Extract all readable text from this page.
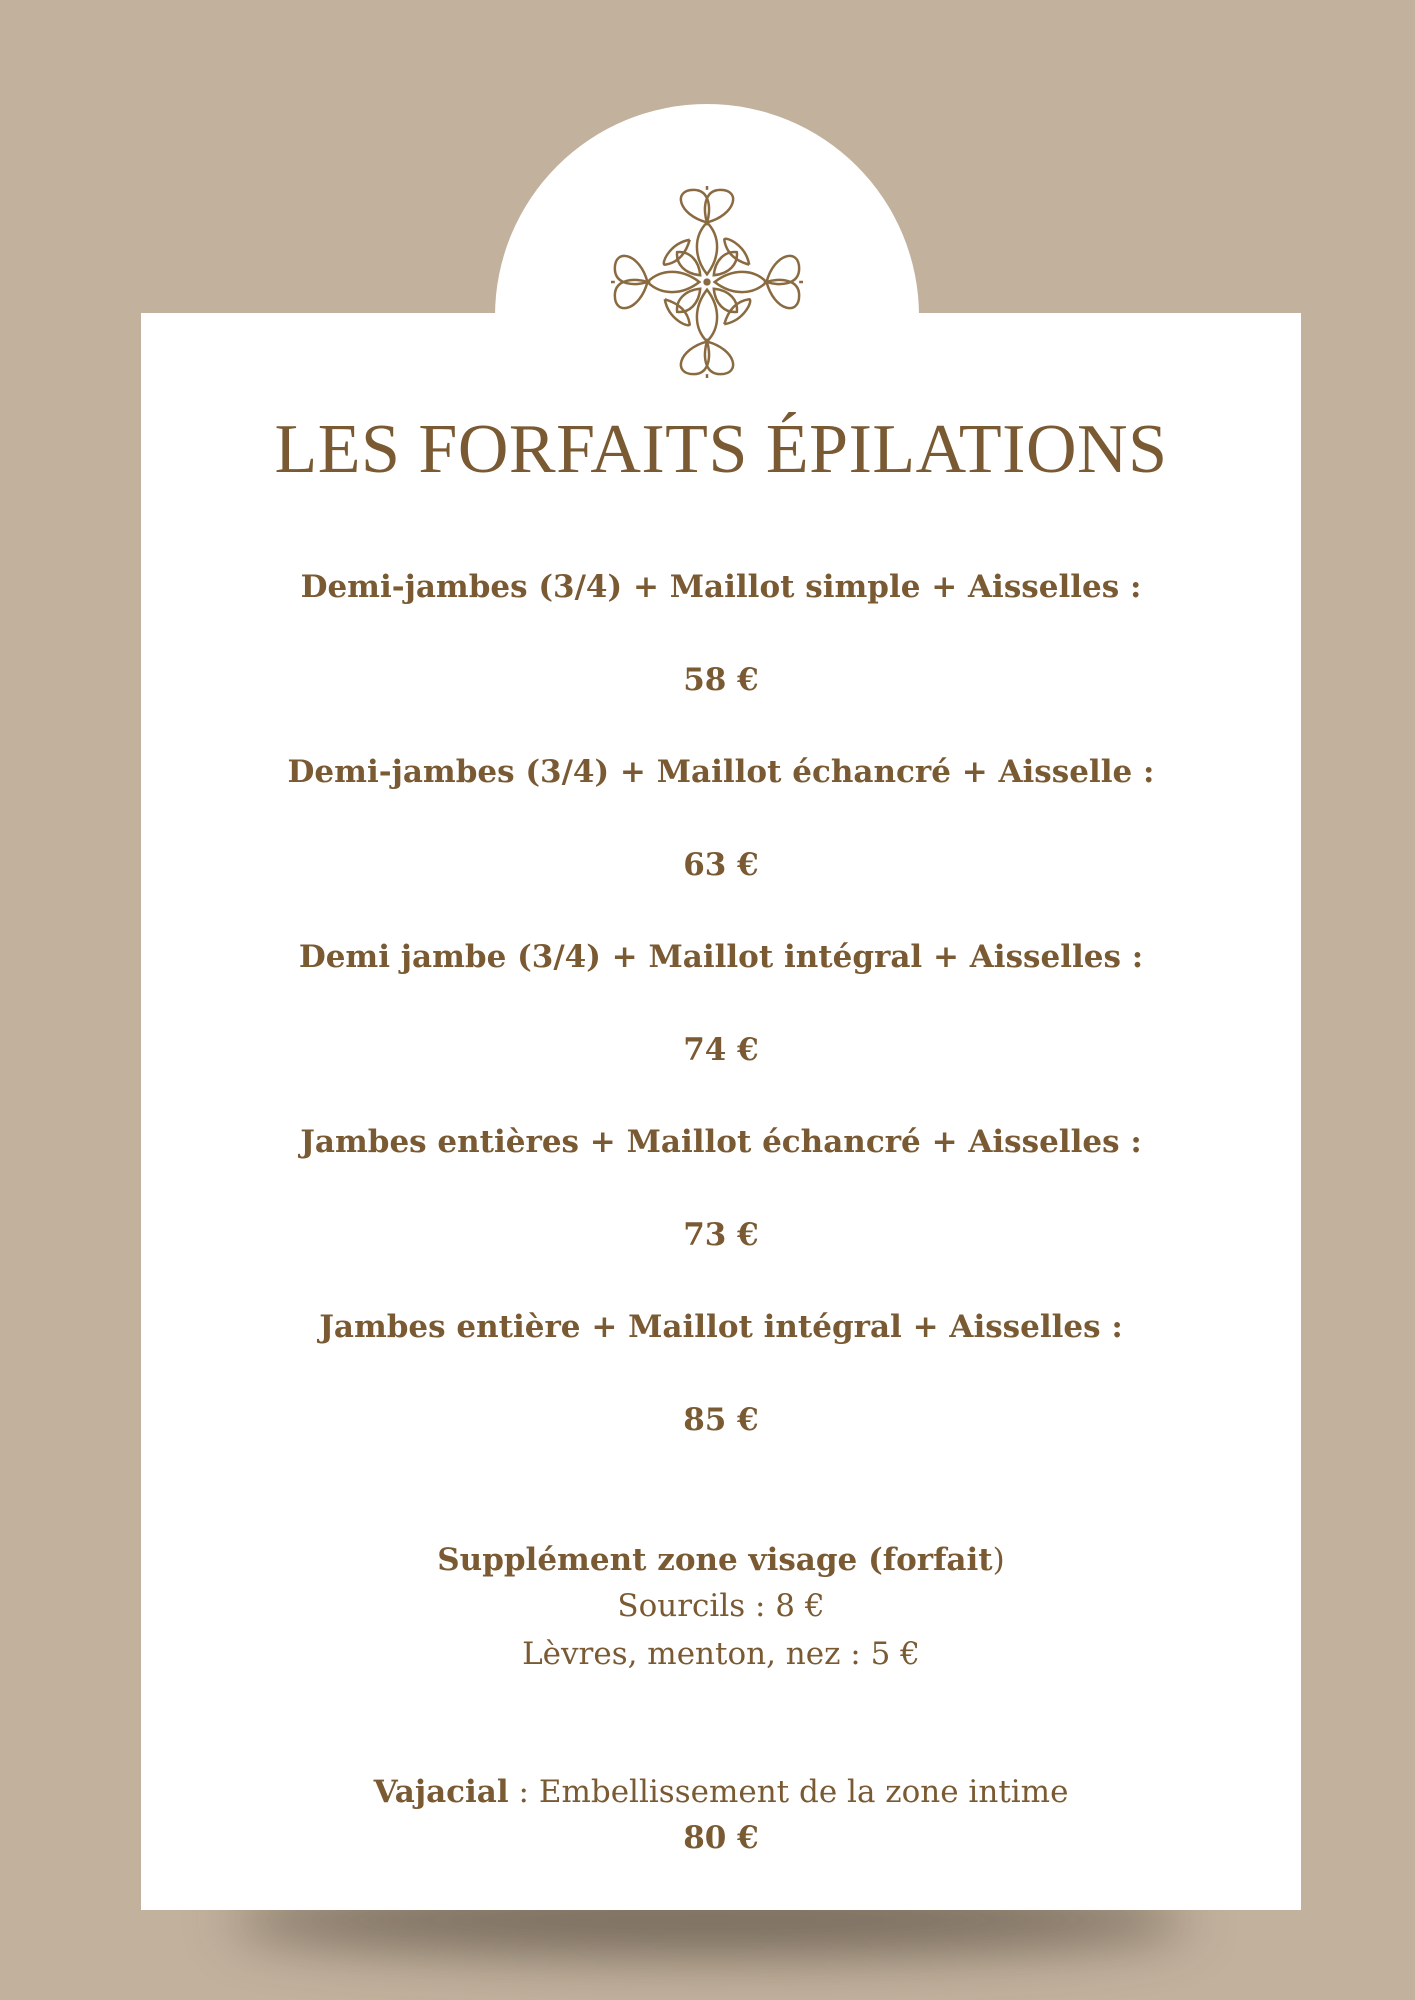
LES FORFAITS ÉPILATIONS
Demi-jambes (3/4) + Maillot simple + Aisselles :
58 €
Demi-jambes (3/4) + Maillot échancré + Aisselle :
63 €
Demi jambe (3/4) + Maillot intégral + Aisselles :
74 €
Jambes entières + Maillot échancré + Aisselles :
73 €
Jambes entière + Maillot intégral + Aisselles :
85 €
Supplément zone visage (forfait)
Sourcils : 8 €
Lèvres, menton, nez : 5 €
Vajacial : Embellissement de la zone intime
80 €
